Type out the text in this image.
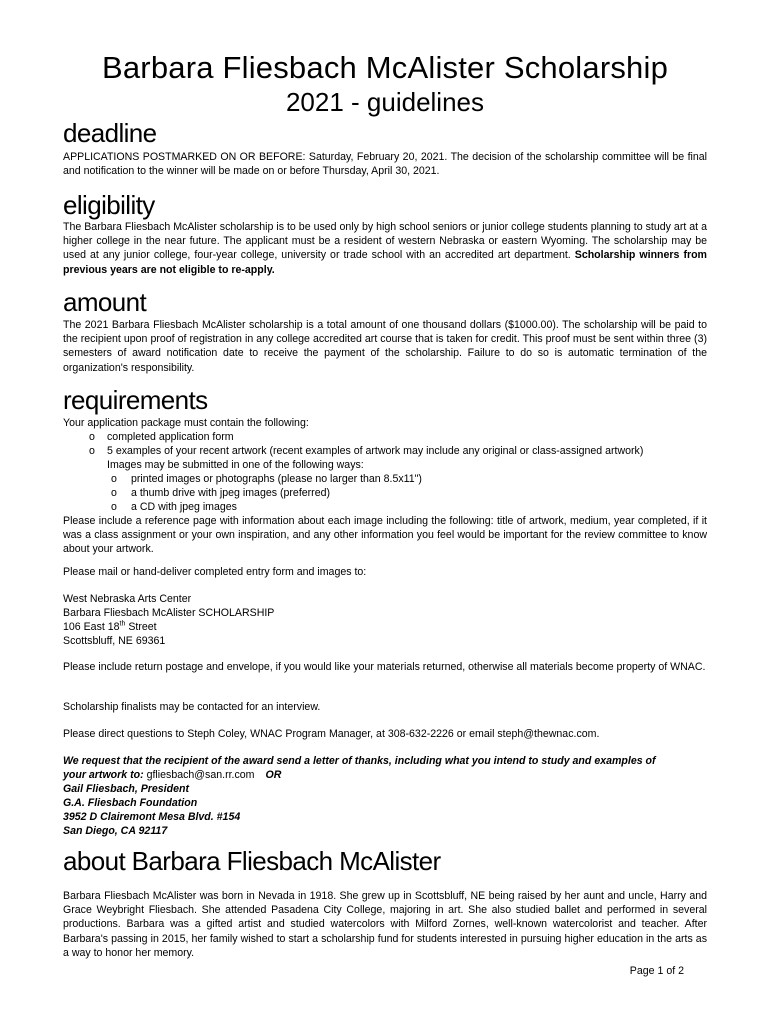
Barbara Fliesbach McAlister Scholarship
2021 - guidelines
deadline
APPLICATIONS POSTMARKED ON OR BEFORE: Saturday, February 20, 2021. The decision of the scholarship committee will be final and notification to the winner will be made on or before Thursday, April 30, 2021.
eligibility
The Barbara Fliesbach McAlister scholarship is to be used only by high school seniors or junior college students planning to study art at a higher college in the near future. The applicant must be a resident of western Nebraska or eastern Wyoming. The scholarship may be used at any junior college, four-year college, university or trade school with an accredited art department. Scholarship winners from previous years are not eligible to re-apply.
amount
The 2021 Barbara Fliesbach McAlister scholarship is a total amount of one thousand dollars ($1000.00). The scholarship will be paid to the recipient upon proof of registration in any college accredited art course that is taken for credit. This proof must be sent within three (3) semesters of award notification date to receive the payment of the scholarship. Failure to do so is automatic termination of the organization's responsibility.
requirements
Your application package must contain the following:
o completed application form
o 5 examples of your recent artwork (recent examples of artwork may include any original or class-assigned artwork)
Images may be submitted in one of the following ways:
o printed images or photographs (please no larger than 8.5x11")
o a thumb drive with jpeg images (preferred)
o a CD with jpeg images
Please include a reference page with information about each image including the following: title of artwork, medium, year completed, if it was a class assignment or your own inspiration, and any other information you feel would be important for the review committee to know about your artwork.
Please mail or hand-deliver completed entry form and images to:
West Nebraska Arts Center
Barbara Fliesbach McAlister SCHOLARSHIP
106 East 18th Street
Scottsbluff, NE 69361
Please include return postage and envelope, if you would like your materials returned, otherwise all materials become property of WNAC.
Scholarship finalists may be contacted for an interview.
Please direct questions to Steph Coley, WNAC Program Manager, at 308-632-2226 or email steph@thewnac.com.
We request that the recipient of the award send a letter of thanks, including what you intend to study and examples of
your artwork to: gfliesbach@san.rr.com OR
Gail Fliesbach, President
G.A. Fliesbach Foundation
3952 D Clairemont Mesa Blvd. #154
San Diego, CA 92117
about Barbara Fliesbach McAlister
Barbara Fliesbach McAlister was born in Nevada in 1918. She grew up in Scottsbluff, NE being raised by her aunt and uncle, Harry and Grace Weybright Fliesbach. She attended Pasadena City College, majoring in art. She also studied ballet and performed in several productions. Barbara was a gifted artist and studied watercolors with Milford Zornes, well-known watercolorist and teacher. After Barbara's passing in 2015, her family wished to start a scholarship fund for students interested in pursuing higher education in the arts as a way to honor her memory.
Page 1 of 2
